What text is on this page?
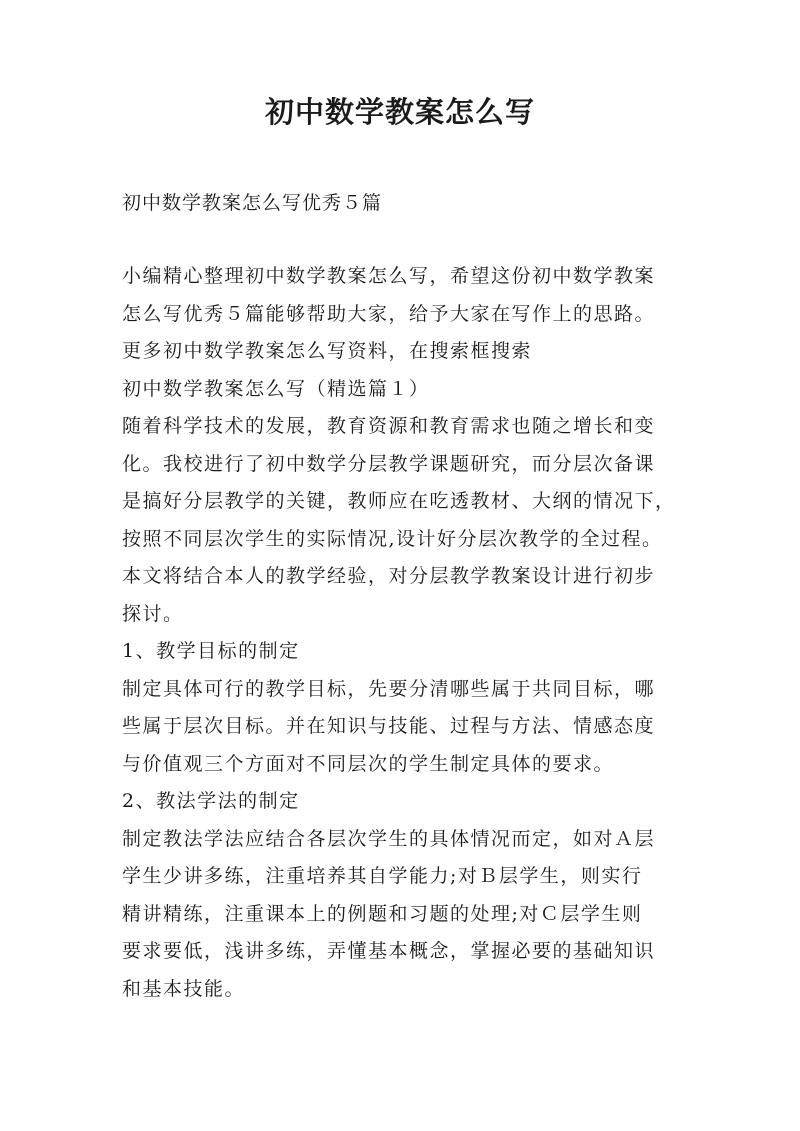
初中数学教案怎么写
初中数学教案怎么写优秀５篇
小编精心整理初中数学教案怎么写，希望这份初中数学教案
怎么写优秀５篇能够帮助大家，给予大家在写作上的思路。
更多初中数学教案怎么写资料，在搜索框搜索
初中数学教案怎么写（精选篇１）
随着科学技术的发展，教育资源和教育需求也随之增长和变
化。我校进行了初中数学分层教学课题研究，而分层次备课
是搞好分层教学的关键，教师应在吃透教材、大纲的情况下，
按照不同层次学生的实际情况,设计好分层次教学的全过程。
本文将结合本人的教学经验，对分层教学教案设计进行初步
探讨。
1、教学目标的制定
制定具体可行的教学目标，先要分清哪些属于共同目标，哪
些属于层次目标。并在知识与技能、过程与方法、情感态度
与价值观三个方面对不同层次的学生制定具体的要求。
2、教法学法的制定
制定教法学法应结合各层次学生的具体情况而定，如对Ａ层
学生少讲多练，注重培养其自学能力;对Ｂ层学生，则实行
精讲精练，注重课本上的例题和习题的处理;对Ｃ层学生则
要求要低，浅讲多练，弄懂基本概念，掌握必要的基础知识
和基本技能。
